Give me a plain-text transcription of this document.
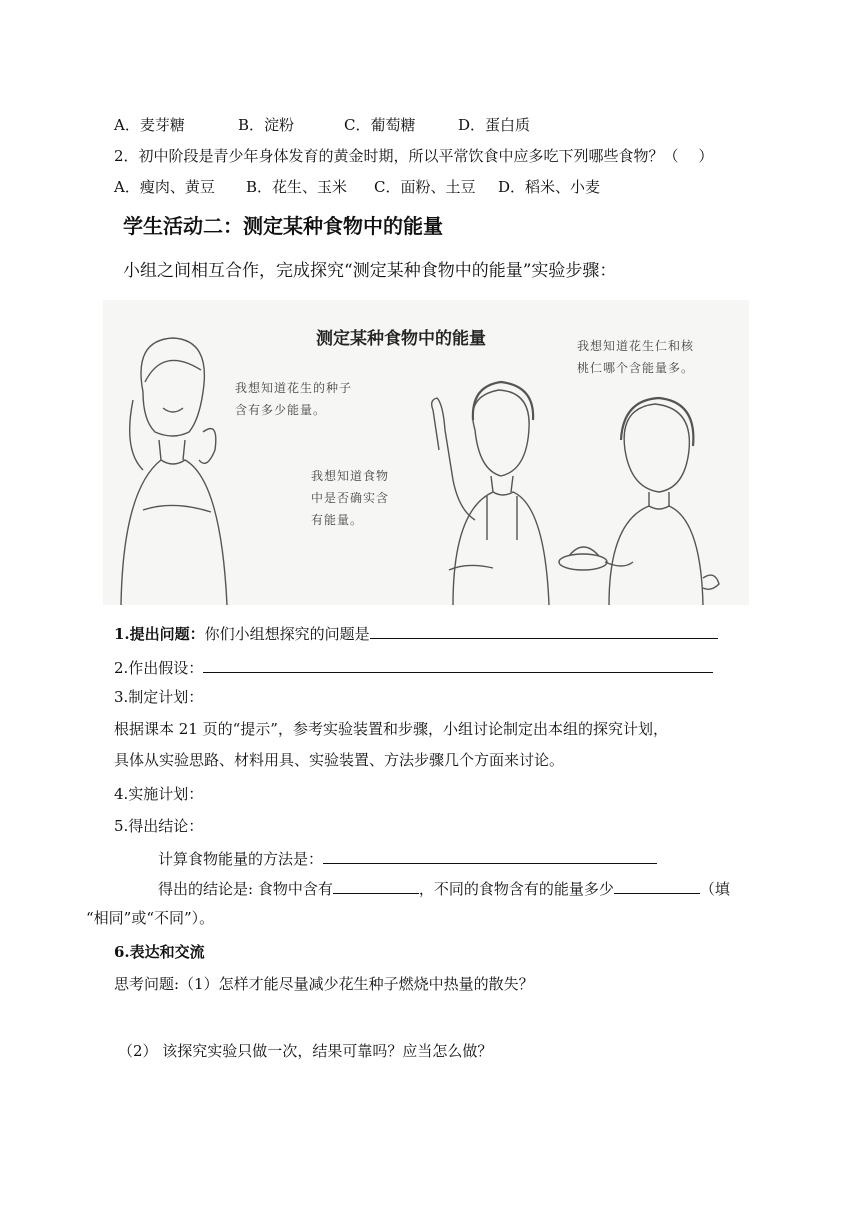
A．麦芽糖	B．淀粉	C．葡萄糖	D．蛋白质
2．初中阶段是青少年身体发育的黄金时期，所以平常饮食中应多吃下列哪些食物？（　 ）
A．瘦肉、黄豆 B．花生、玉米 C．面粉、土豆 D．稻米、小麦
学生活动二：测定某种食物中的能量
小组之间相互合作，完成探究“测定某种食物中的能量”实验步骤：
测定某种食物中的能量
我想知道花生的种子
含有多少能量。
我想知道食物
中是否确实含
有能量。
我想知道花生仁和核
桃仁哪个含能量多。
1.提出问题：你们小组想探究的问题是
2.作出假设：
3.制定计划：
根据课本 21 页的“提示”，参考实验装置和步骤，小组讨论制定出本组的探究计划，
具体从实验思路、材料用具、实验装置、方法步骤几个方面来讨论。
4.实施计划：
5.得出结论：
计算食物能量的方法是：
得出的结论是: 食物中含有	，不同的食物含有的能量多少	（填
“相同”或“不同”）。
6.表达和交流
思考问题:（1）怎样才能尽量减少花生种子燃烧中热量的散失？
（2） 该探究实验只做一次，结果可靠吗？应当怎么做？
